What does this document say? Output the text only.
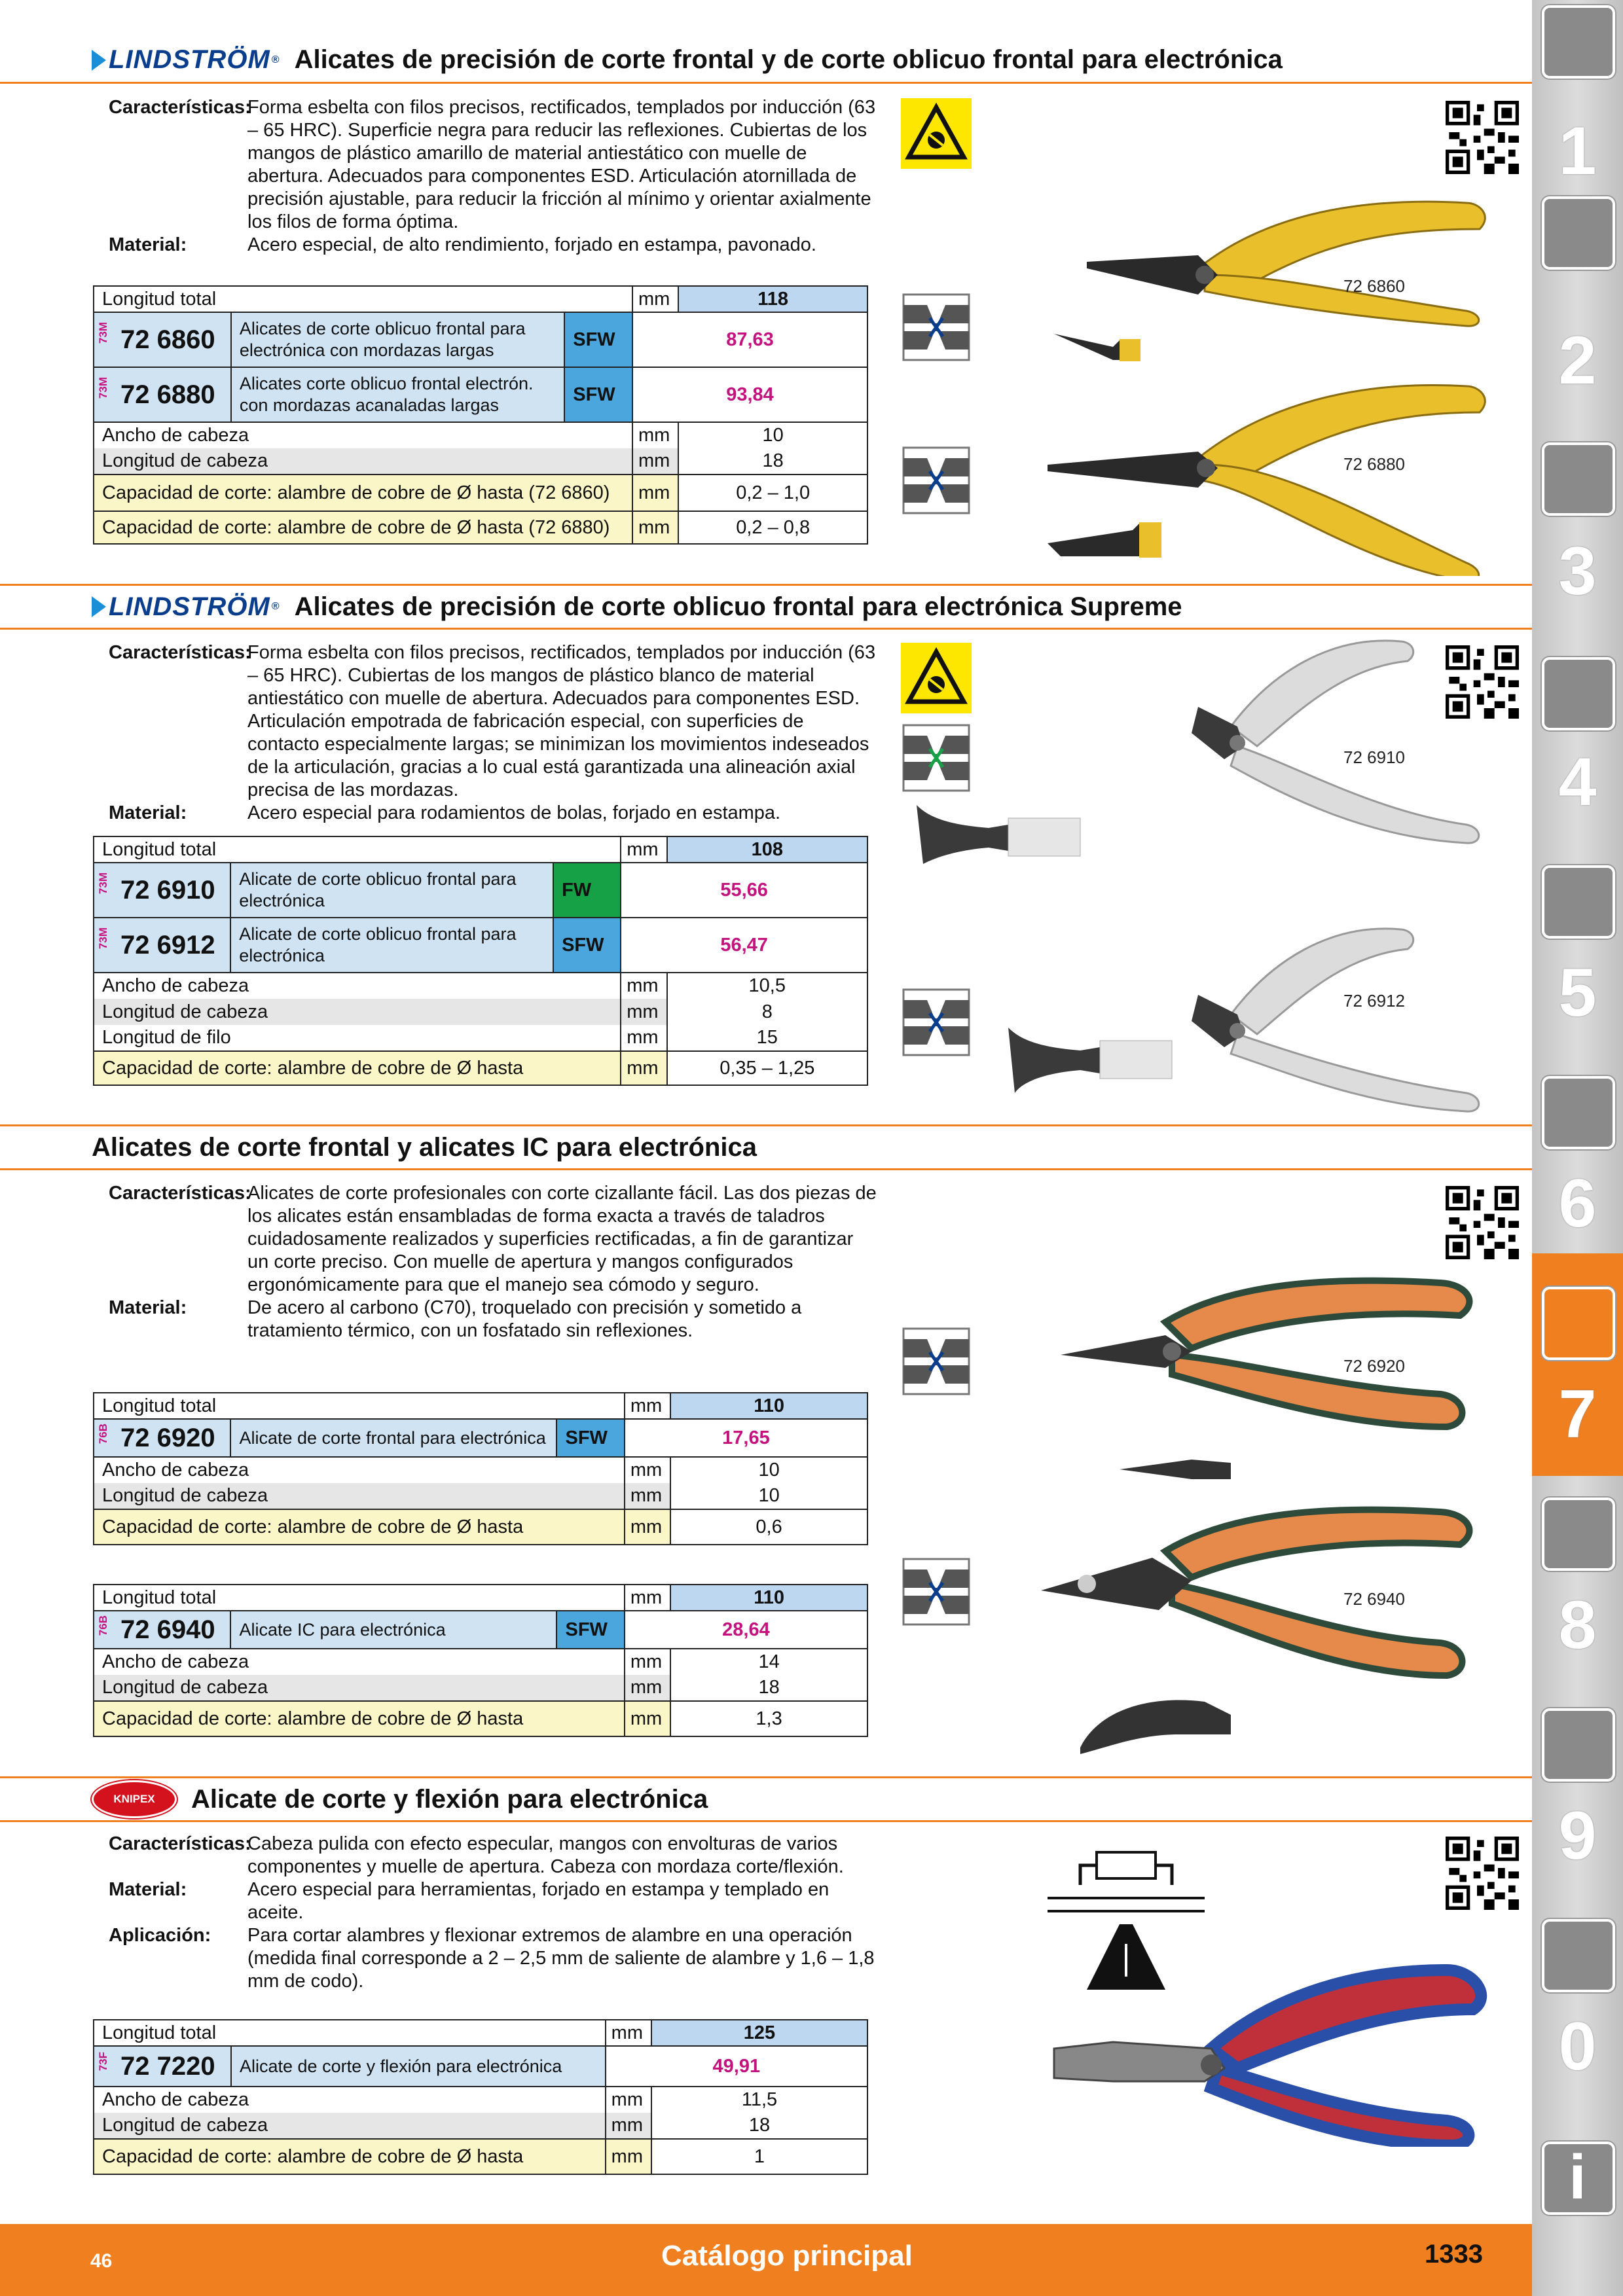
LINDSTRÖM ® Alicates de precisión de corte frontal y de corte oblicuo frontal para electrónica
Características:
Forma esbelta con filos precisos, rectificados, templados por inducción (63 – 65 HRC). Superficie negra para reducir las reflexiones. Cubiertas de los mangos de plástico amarillo de material antiestático con muelle de abertura. Adecuados para componentes ESD. Articulación atornillada de precisión ajustable, para reducir la fricción al mínimo y orientar axialmente los filos de forma óptima.
Material:	Acero especial, de alto rendimiento, forjado en estampa, pavonado.
Longitud total			mm	118

73M 72 6860	Alicates de corte oblicuo frontal para electrónica con mordazas largas	SFW	87,63	

73M 72 6880	Alicates corte oblicuo frontal electrón. con mordazas acanaladas largas	SFW	93,84	
Ancho de cabeza			mm	10
Longitud de cabeza			mm	18
Capacidad de corte: alambre de cobre de Ø hasta (72 6860)			mm	0,2 – 1,0
Capacidad de corte: alambre de cobre de Ø hasta (72 6880)			mm	0,2 – 0,8
72 6860
72 6880
LINDSTRÖM ® Alicates de precisión de corte oblicuo frontal para electrónica Supreme
Características:
Forma esbelta con filos precisos, rectificados, templados por inducción (63 – 65 HRC). Cubiertas de los mangos de plástico blanco de material antiestático con muelle de abertura. Adecuados para componentes ESD. Articulación empotrada de fabricación especial, con superficies de contacto especialmente largas; se minimizan los movimientos indeseados de la articulación, gracias a lo cual está garantizada una alineación axial precisa de las mordazas.
Material:	Acero especial para rodamientos de bolas, forjado en estampa.
Longitud total			mm	108

73M 72 6910	Alicate de corte oblicuo frontal para electrónica	FW	55,66	

73M 72 6912	Alicate de corte oblicuo frontal para electrónica	SFW	56,47	
Ancho de cabeza			mm	10,5
Longitud de cabeza			mm	8
Longitud de filo			mm	15
Capacidad de corte: alambre de cobre de Ø hasta			mm	0,35 – 1,25
72 6910
72 6912
Alicates de corte frontal y alicates IC para electrónica
Características:
Alicates de corte profesionales con corte cizallante fácil. Las dos piezas de los alicates están ensambladas de forma exacta a través de taladros cuidadosamente realizados y superficies rectificadas, a fin de garantizar un corte preciso. Con muelle de apertura y mangos configurados ergonómicamente para que el manejo sea cómodo y seguro.
Material:	De acero al carbono (C70), troquelado con precisión y sometido a tratamiento térmico, con un fosfatado sin reflexiones.
Longitud total			mm	110

76B 72 6920	Alicate de corte frontal para electrónica	SFW	17,65	
Ancho de cabeza			mm	10
Longitud de cabeza			mm	10
Capacidad de corte: alambre de cobre de Ø hasta			mm	0,6
Longitud total			mm	110

76B 72 6940	Alicate IC para electrónica	SFW	28,64	
Ancho de cabeza			mm	14
Longitud de cabeza			mm	18
Capacidad de corte: alambre de cobre de Ø hasta			mm	1,3
72 6920
72 6940
KNIPEX	Alicate de corte y flexión para electrónica
Características:
Cabeza pulida con efecto especular, mangos con envolturas de varios componentes y muelle de apertura. Cabeza con mordaza corte/flexión.
Material:	Acero especial para herramientas, forjado en estampa y templado en aceite.
Aplicación:	Para cortar alambres y flexionar extremos de alambre en una operación (medida final corresponde a 2 – 2,5 mm de saliente de alambre y 1,6 – 1,8 mm de codo).
Longitud total		mm	125

73F 72 7220	Alicate de corte y flexión para electrónica	49,91	
Ancho de cabeza		mm	11,5
Longitud de cabeza		mm	18
Capacidad de corte: alambre de cobre de Ø hasta		mm	1
1
2
3
4
5
6
7
8
9
0
i
46	Catálogo principal	1333
